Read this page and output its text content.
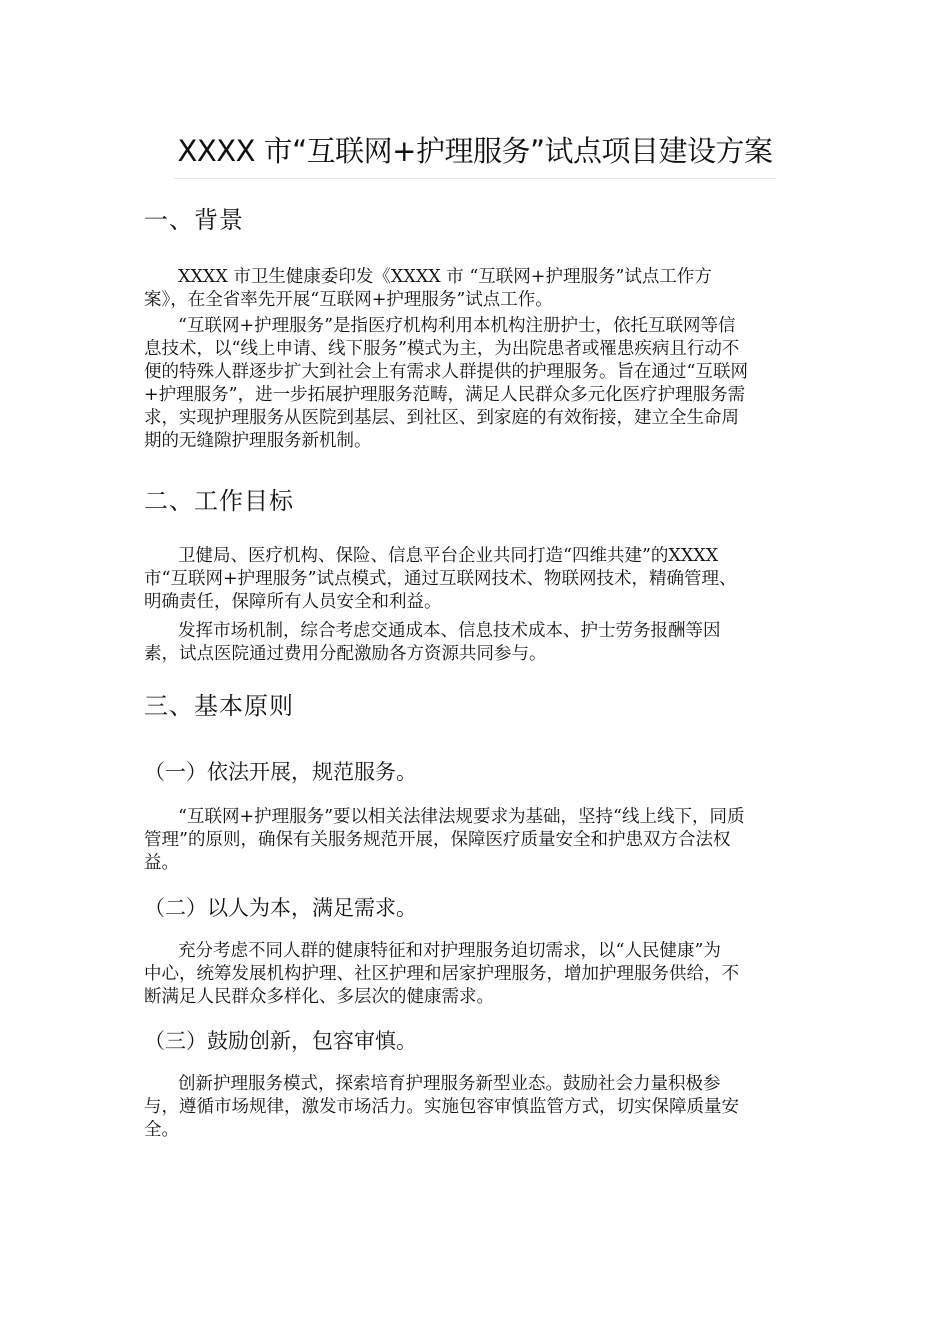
XXXX 市“互联网+护理服务”试点项目建设方案
一、背景
XXXX 市卫生健康委印发《XXXX 市 “互联网+护理服务”试点工作方
案》，在全省率先开展“互联网+护理服务”试点工作。
“互联网+护理服务”是指医疗机构利用本机构注册护士，依托互联网等信
息技术，以“线上申请、线下服务”模式为主，为出院患者或罹患疾病且行动不
便的特殊人群逐步扩大到社会上有需求人群提供的护理服务。旨在通过“互联网
+护理服务”，进一步拓展护理服务范畴，满足人民群众多元化医疗护理服务需
求，实现护理服务从医院到基层、到社区、到家庭的有效衔接，建立全生命周
期的无缝隙护理服务新机制。
二、工作目标
卫健局、医疗机构、保险、信息平台企业共同打造“四维共建”的XXXX
市“互联网+护理服务”试点模式，通过互联网技术、物联网技术，精确管理、
明确责任，保障所有人员安全和利益。
发挥市场机制，综合考虑交通成本、信息技术成本、护士劳务报酬等因
素，试点医院通过费用分配激励各方资源共同参与。
三、基本原则
（一）依法开展，规范服务。
“互联网+护理服务”要以相关法律法规要求为基础，坚持“线上线下，同质
管理”的原则，确保有关服务规范开展，保障医疗质量安全和护患双方合法权
益。
（二）以人为本，满足需求。
充分考虑不同人群的健康特征和对护理服务迫切需求，以“人民健康”为
中心，统筹发展机构护理、社区护理和居家护理服务，增加护理服务供给，不
断满足人民群众多样化、多层次的健康需求。
（三）鼓励创新，包容审慎。
创新护理服务模式，探索培育护理服务新型业态。鼓励社会力量积极参
与，遵循市场规律，激发市场活力。实施包容审慎监管方式，切实保障质量安
全。
